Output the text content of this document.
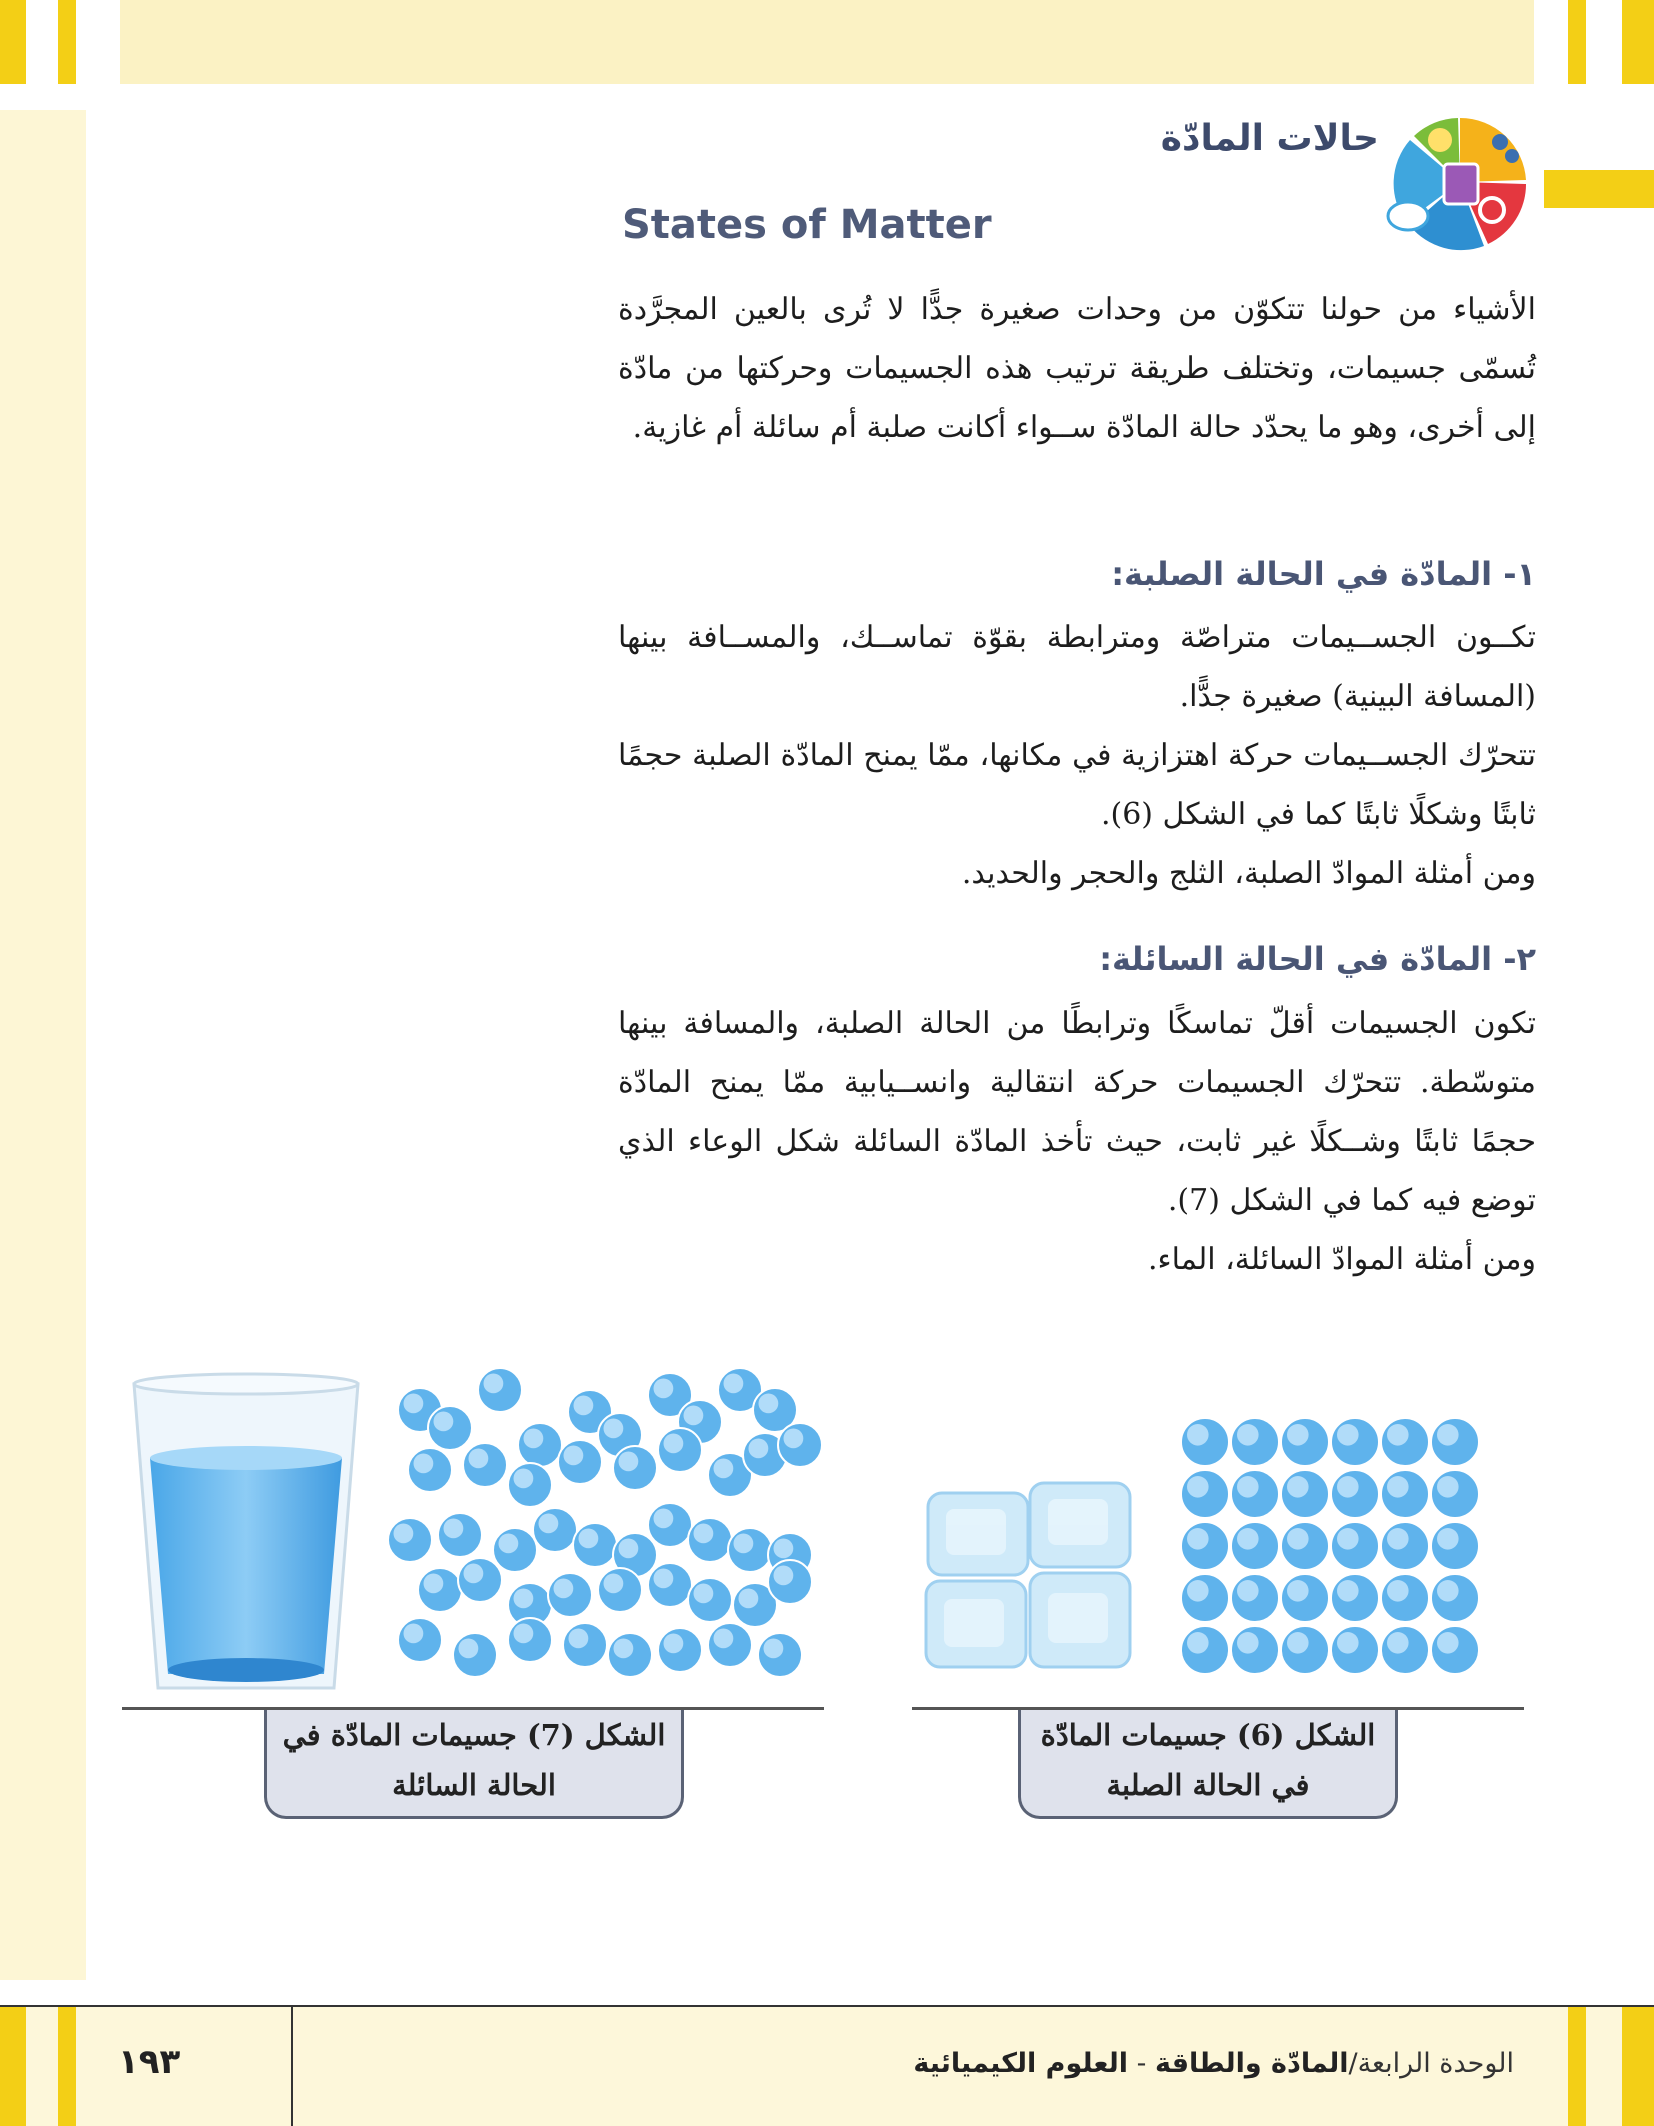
حالات المادّة
States of Matter

الأشياء من حولنا تتكوّن من وحدات صغيرة جدًّا لا تُرى بالعين المجرَّدة تُسمّى جسيمات، وتختلف طريقة ترتيب هذه الجسيمات وحركتها من مادّة إلى أخرى، وهو ما يحدّد حالة المادّة ســواء أكانت صلبة أم سائلة أم غازية.

١- المادّة في الحالة الصلبة:

تكــون الجســيمات متراصّة ومترابطة بقوّة تماســك، والمســافة بينها (المسافة البينية) صغيرة جدًّا.

تتحرّك الجســيمات حركة اهتزازية في مكانها، ممّا يمنح المادّة الصلبة حجمًا ثابتًا وشكلًا ثابتًا كما في الشكل (6).

ومن أمثلة الموادّ الصلبة، الثلج والحجر والحديد.

٢- المادّة في الحالة السائلة:

تكون الجسيمات أقلّ تماسكًا وترابطًا من الحالة الصلبة، والمسافة بينها متوسّطة. تتحرّك الجسيمات حركة انتقالية وانســيابية ممّا يمنح المادّة حجمًا ثابتًا وشــكلًا غير ثابت، حيث تأخذ المادّة السائلة شكل الوعاء الذي توضع فيه كما في الشكل (7).

ومن أمثلة الموادّ السائلة، الماء.

الشكل (7) جسيمات المادّة في
الحالة السائلة
الشكل (6) جسيمات المادّة
في الحالة الصلبة
الوحدة الرابعة/المادّة والطاقة - العلوم الكيميائية
١٩٣
